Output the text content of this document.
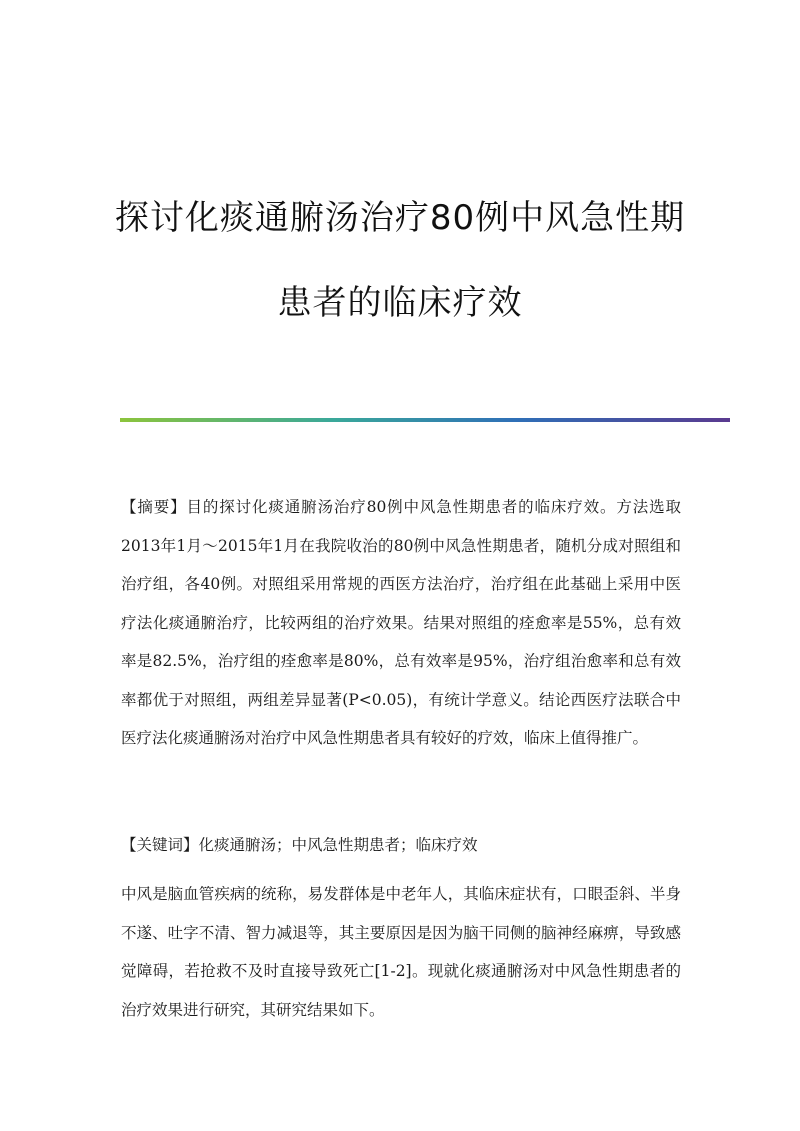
探讨化痰通腑汤治疗80例中风急性期
患者的临床疗效
【摘要】目的探讨化痰通腑汤治疗80例中风急性期患者的临床疗效。方法选取2013年1月～2015年1月在我院收治的80例中风急性期患者，随机分成对照组和治疗组，各40例。对照组采用常规的西医方法治疗，治疗组在此基础上采用中医疗法化痰通腑治疗，比较两组的治疗效果。结果对照组的痊愈率是55%，总有效率是82.5%，治疗组的痊愈率是80%，总有效率是95%，治疗组治愈率和总有效率都优于对照组，两组差异显著(P<0.05)，有统计学意义。结论西医疗法联合中医疗法化痰通腑汤对治疗中风急性期患者具有较好的疗效，临床上值得推广。
【关键词】化痰通腑汤；中风急性期患者；临床疗效
中风是脑血管疾病的统称，易发群体是中老年人，其临床症状有，口眼歪斜、半身不遂、吐字不清、智力减退等，其主要原因是因为脑干同侧的脑神经麻痹，导致感觉障碍，若抢救不及时直接导致死亡[1-2]。现就化痰通腑汤对中风急性期患者的治疗效果进行研究，其研究结果如下。
